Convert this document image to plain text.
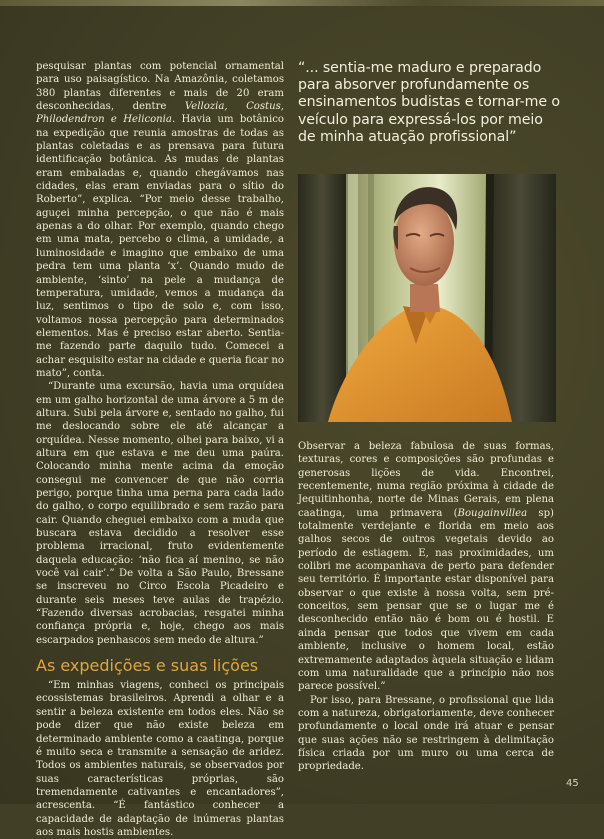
pesquisar plantas com potencial ornamental para uso paisagístico. Na Amazônia, coletamos 380 plantas diferentes e mais de 20 eram desconhecidas, dentre Vellozia, Costus, Philodendron e Heliconia. Havia um botânico na expedição que reunia amostras de todas as plantas coletadas e as prensava para futura identificação botânica. As mudas de plantas eram embaladas e, quando chegávamos nas cidades, elas eram enviadas para o sítio do Roberto”, explica. “Por meio desse trabalho, aguçei minha percepção, o que não é mais apenas a do olhar. Por exemplo, quando chego em uma mata, percebo o clima, a umidade, a luminosidade e imagino que embaixo de uma pedra tem uma planta ‘x’. Quando mudo de ambiente, ‘sinto’ na pele a mudança de temperatura, umidade, vemos a mudança da luz, sentimos o tipo de solo e, com isso, voltamos nossa percepção para determinados elementos. Mas é preciso estar aberto. Sentia-me fazendo parte daquilo tudo. Comecei a achar esquisito estar na cidade e queria ficar no mato”, conta.

“Durante uma excursão, havia uma orquídea em um galho horizontal de uma árvore a 5 m de altura. Subi pela árvore e, sentado no galho, fui me deslocando sobre ele até alcançar a orquídea. Nesse momento, olhei para baixo, vi a altura em que estava e me deu uma paúra. Colocando minha mente acima da emoção consegui me convencer de que não corria perigo, porque tinha uma perna para cada lado do galho, o corpo equilibrado e sem razão para cair. Quando cheguei embaixo com a muda que buscara estava decidido a resolver esse problema irracional, fruto evidentemente daquela educação: ‘não fica aí menino, se não você vai cair’.” De volta a São Paulo, Bressane se inscreveu no Circo Escola Picadeiro e durante seis meses teve aulas de trapézio. “Fazendo diversas acrobacias, resgatei minha confiança própria e, hoje, chego aos mais escarpados penhascos sem medo de altura.”

As expedições e suas lições

“Em minhas viagens, conheci os principais ecossistemas brasileiros. Aprendi a olhar e a sentir a beleza existente em todos eles. Não se pode dizer que não existe beleza em determinado ambiente como a caatinga, porque é muito seca e transmite a sensação de aridez. Todos os ambientes naturais, se observados por suas características próprias, são tremendamente cativantes e encantadores”, acrescenta. “É fantástico conhecer a capacidade de adaptação de inúmeras plantas aos mais hostis ambientes.

“... sentia-me maduro e preparado para absorver profundamente os ensinamentos budistas e tornar-me o veículo para expressá-los por meio de minha atuação profissional”

Observar a beleza fabulosa de suas formas, texturas, cores e composições são profundas e generosas lições de vida. Encontrei, recentemente, numa região próxima à cidade de Jequitinhonha, norte de Minas Gerais, em plena caatinga, uma primavera (Bougainvillea sp) totalmente verdejante e florida em meio aos galhos secos de outros vegetais devido ao período de estiagem. E, nas proximidades, um colibri me acompanhava de perto para defender seu território. É importante estar disponível para observar o que existe à nossa volta, sem pré-conceitos, sem pensar que se o lugar me é desconhecido então não é bom ou é hostil. E ainda pensar que todos que vivem em cada ambiente, inclusive o homem local, estão extremamente adaptados àquela situação e lidam com uma naturalidade que a princípio não nos parece possível.”

Por isso, para Bressane, o profissional que lida com a natureza, obrigatoriamente, deve conhecer profundamente o local onde irá atuar e pensar que suas ações não se restringem à delimitação física criada por um muro ou uma cerca de propriedade.

45
